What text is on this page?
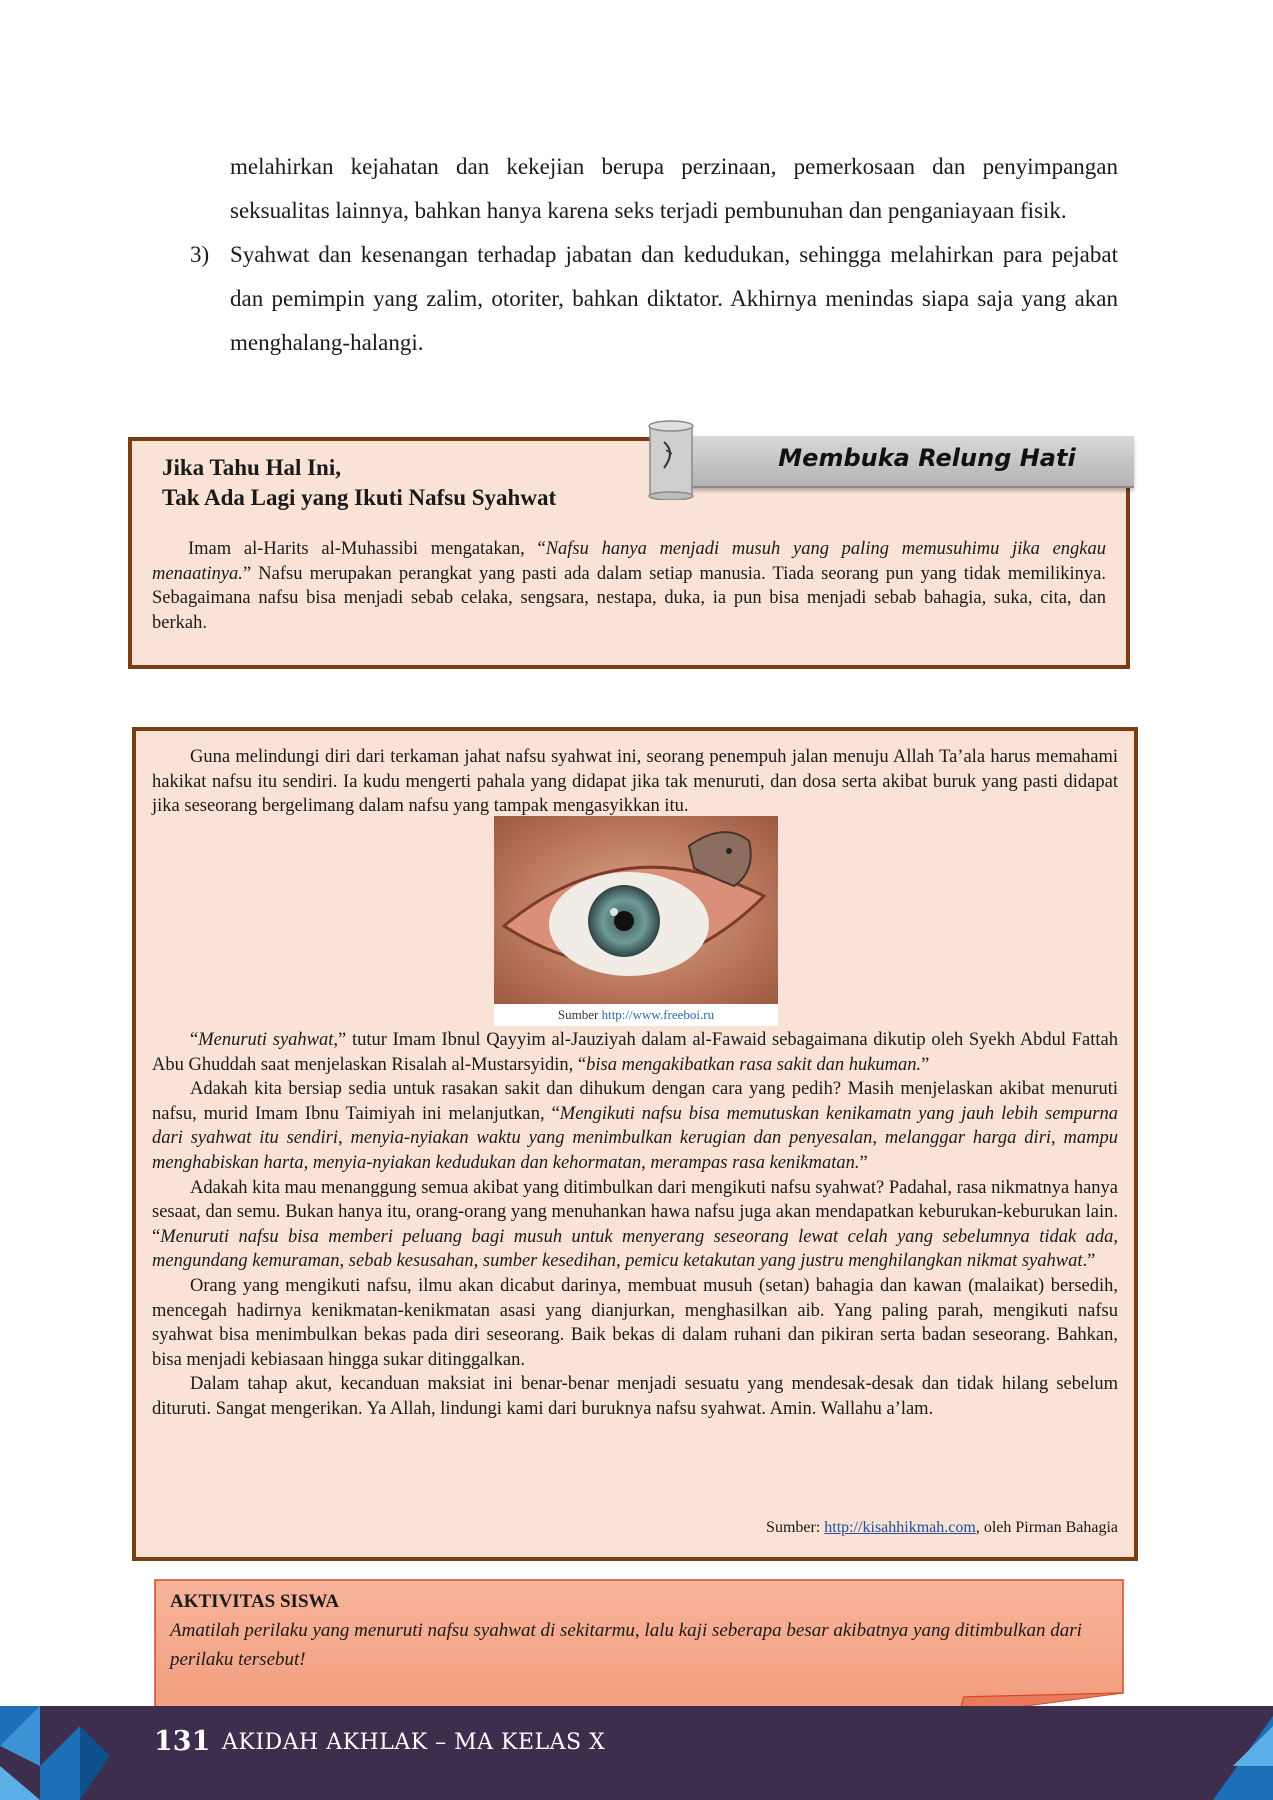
melahirkan kejahatan dan kekejian berupa perzinaan, pemerkosaan dan penyimpangan seksualitas lainnya, bahkan hanya karena seks terjadi pembunuhan dan penganiayaan fisik.

3) Syahwat dan kesenangan terhadap jabatan dan kedudukan, sehingga melahirkan para pejabat dan pemimpin yang zalim, otoriter, bahkan diktator. Akhirnya menindas siapa saja yang akan menghalang-halangi.

Jika Tahu Hal Ini,
Tak Ada Lagi yang Ikuti Nafsu Syahwat

Imam al-Harits al-Muhassibi mengatakan, “Nafsu hanya menjadi musuh yang paling memusuhimu jika engkau menaatinya.” Nafsu merupakan perangkat yang pasti ada dalam setiap manusia. Tiada seorang pun yang tidak memilikinya. Sebagaimana nafsu bisa menjadi sebab celaka, sengsara, nestapa, duka, ia pun bisa menjadi sebab bahagia, suka, cita, dan berkah.

Membuka Relung Hati

Guna melindungi diri dari terkaman jahat nafsu syahwat ini, seorang penempuh jalan menuju Allah Ta’ala harus memahami hakikat nafsu itu sendiri. Ia kudu mengerti pahala yang didapat jika tak menuruti, dan dosa serta akibat buruk yang pasti didapat jika seseorang bergelimang dalam nafsu yang tampak mengasyikkan itu.

Sumber http://www.freeboi.ru

“Menuruti syahwat,” tutur Imam Ibnul Qayyim al-Jauziyah dalam al-Fawaid sebagaimana dikutip oleh Syekh Abdul Fattah Abu Ghuddah saat menjelaskan Risalah al-Mustarsyidin, “bisa mengakibatkan rasa sakit dan hukuman.”

Adakah kita bersiap sedia untuk rasakan sakit dan dihukum dengan cara yang pedih? Masih menjelaskan akibat menuruti nafsu, murid Imam Ibnu Taimiyah ini melanjutkan, “Mengikuti nafsu bisa memutuskan kenikamatn yang jauh lebih sempurna dari syahwat itu sendiri, menyia-nyiakan waktu yang menimbulkan kerugian dan penyesalan, melanggar harga diri, mampu menghabiskan harta, menyia-nyiakan kedudukan dan kehormatan, merampas rasa kenikmatan.”

Adakah kita mau menanggung semua akibat yang ditimbulkan dari mengikuti nafsu syahwat? Padahal, rasa nikmatnya hanya sesaat, dan semu. Bukan hanya itu, orang-orang yang menuhankan hawa nafsu juga akan mendapatkan keburukan-keburukan lain. “Menuruti nafsu bisa memberi peluang bagi musuh untuk menyerang seseorang lewat celah yang sebelumnya tidak ada, mengundang kemuraman, sebab kesusahan, sumber kesedihan, pemicu ketakutan yang justru menghilangkan nikmat syahwat.”

Orang yang mengikuti nafsu, ilmu akan dicabut darinya, membuat musuh (setan) bahagia dan kawan (malaikat) bersedih, mencegah hadirnya kenikmatan-kenikmatan asasi yang dianjurkan, menghasilkan aib. Yang paling parah, mengikuti nafsu syahwat bisa menimbulkan bekas pada diri seseorang. Baik bekas di dalam ruhani dan pikiran serta badan seseorang. Bahkan, bisa menjadi kebiasaan hingga sukar ditinggalkan.

Dalam tahap akut, kecanduan maksiat ini benar-benar menjadi sesuatu yang mendesak-desak dan tidak hilang sebelum dituruti. Sangat mengerikan. Ya Allah, lindungi kami dari buruknya nafsu syahwat. Amin. Wallahu a’lam.

Sumber: http://kisahhikmah.com, oleh Pirman Bahagia
AKTIVITAS SISWA
Amatilah perilaku yang menuruti nafsu syahwat di sekitarmu, lalu kaji seberapa besar akibatnya yang ditimbulkan dari perilaku tersebut!
131 AKIDAH AKHLAK – MA KELAS X
